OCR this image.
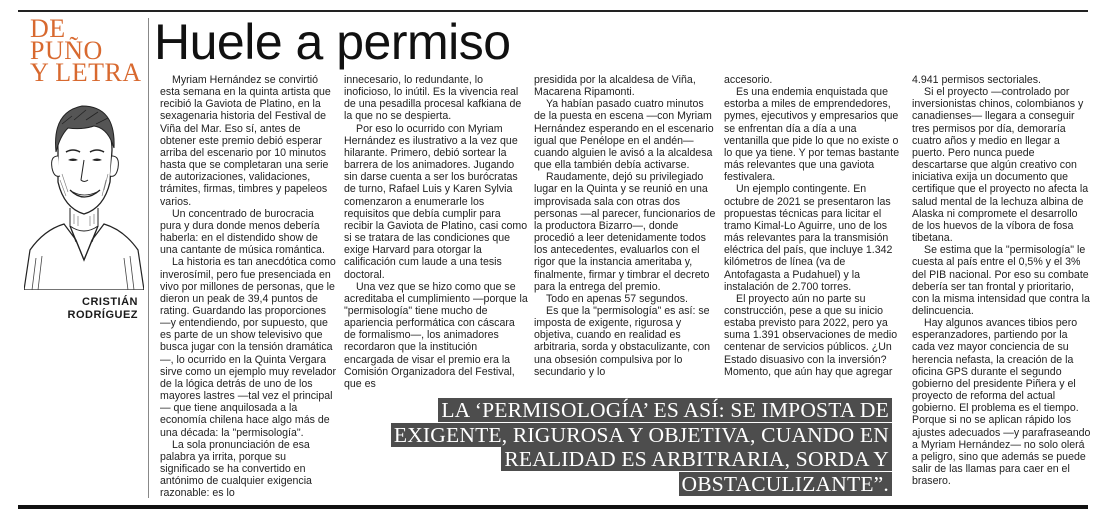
DE
PUÑO
Y LETRA
CRISTIÁN
RODRÍGUEZ
Huele a permiso

Myriam Hernández se convirtió esta semana en la quinta artista que recibió la Gaviota de Platino, en la sexagenaria historia del Festival de Viña del Mar. Eso sí, antes de obtener este premio debió esperar arriba del escenario por 10 minutos hasta que se completaran una serie de autorizaciones, validaciones, trámites, firmas, timbres y papeleos varios.

Un concentrado de burocracia pura y dura donde menos debería haberla: en el distendido show de una cantante de música romántica.

La historia es tan anecdótica como inverosímil, pero fue presenciada en vivo por millones de personas, que le dieron un peak de 39,4 puntos de rating. Guardando las proporciones —y entendiendo, por supuesto, que es parte de un show televisivo que busca jugar con la tensión dramática—, lo ocurrido en la Quinta Vergara sirve como un ejemplo muy revelador de la lógica detrás de uno de los mayores lastres —tal vez el principal— que tiene anquilosada a la economía chilena hace algo más de una década: la "permisología".

La sola pronunciación de esa palabra ya irrita, porque su significado se ha convertido en antónimo de cualquier exigencia razonable: es lo

innecesario, lo redundante, lo inoficioso, lo inútil. Es la vivencia real de una pesadilla procesal kafkiana de la que no se despierta.

Por eso lo ocurrido con Myriam Hernández es ilustrativo a la vez que hilarante. Primero, debió sortear la barrera de los animadores. Jugando sin darse cuenta a ser los burócratas de turno, Rafael Luis y Karen Sylvia comenzaron a enumerarle los requisitos que debía cumplir para recibir la Gaviota de Platino, casi como si se tratara de las condiciones que exige Harvard para otorgar la calificación cum laude a una tesis doctoral.

Una vez que se hizo como que se acreditaba el cumplimiento —porque la "permisología" tiene mucho de apariencia performática con cáscara de formalismo—, los animadores recordaron que la institución encargada de visar el premio era la Comisión Organizadora del Festival, que es

presidida por la alcaldesa de Viña, Macarena Ripamonti.

Ya habían pasado cuatro minutos de la puesta en escena —con Myriam Hernández esperando en el escenario igual que Penélope en el andén— cuando alguien le avisó a la alcaldesa que ella también debía activarse.

Raudamente, dejó su privilegiado lugar en la Quinta y se reunió en una improvisada sala con otras dos personas —al parecer, funcionarios de la productora Bizarro—, donde procedió a leer detenidamente todos los antecedentes, evaluarlos con el rigor que la instancia ameritaba y, finalmente, firmar y timbrar el decreto para la entrega del premio.

Todo en apenas 57 segundos.

Es que la "permisología" es así: se imposta de exigente, rigurosa y objetiva, cuando en realidad es arbitraria, sorda y obstaculizante, con una obsesión compulsiva por lo secundario y lo

accesorio.

Es una endemia enquistada que estorba a miles de emprendedores, pymes, ejecutivos y empresarios que se enfrentan día a día a una ventanilla que pide lo que no existe o lo que ya tiene. Y por temas bastante más relevantes que una gaviota festivalera.

Un ejemplo contingente. En octubre de 2021 se presentaron las propuestas técnicas para licitar el tramo Kimal-Lo Aguirre, uno de los más relevantes para la transmisión eléctrica del país, que incluye 1.342 kilómetros de línea (va de Antofagasta a Pudahuel) y la instalación de 2.700 torres.

El proyecto aún no parte su construcción, pese a que su inicio estaba previsto para 2022, pero ya suma 1.391 observaciones de medio centenar de servicios públicos. ¿Un Estado disuasivo con la inversión? Momento, que aún hay que agregar

4.941 permisos sectoriales.

Si el proyecto —controlado por inversionistas chinos, colombianos y canadienses— llegara a conseguir tres permisos por día, demoraría cuatro años y medio en llegar a puerto. Pero nunca puede descartarse que algún creativo con iniciativa exija un documento que certifique que el proyecto no afecta la salud mental de la lechuza albina de Alaska ni compromete el desarrollo de los huevos de la víbora de fosa tibetana.

Se estima que la "permisología" le cuesta al país entre el 0,5% y el 3% del PIB nacional. Por eso su combate debería ser tan frontal y prioritario, con la misma intensidad que contra la delincuencia.

Hay algunos avances tibios pero esperanzadores, partiendo por la cada vez mayor conciencia de su herencia nefasta, la creación de la oficina GPS durante el segundo gobierno del presidente Piñera y el proyecto de reforma del actual gobierno. El problema es el tiempo. Porque si no se aplican rápido los ajustes adecuados —y parafraseando a Myriam Hernández— no solo olerá a peligro, sino que además se puede salir de las llamas para caer en el brasero.

LA ‘PERMISOLOGÍA’ ES ASÍ: SE IMPOSTA DE
EXIGENTE, RIGUROSA Y OBJETIVA, CUANDO EN
REALIDAD ES ARBITRARIA, SORDA Y
OBSTACULIZANTE”.
